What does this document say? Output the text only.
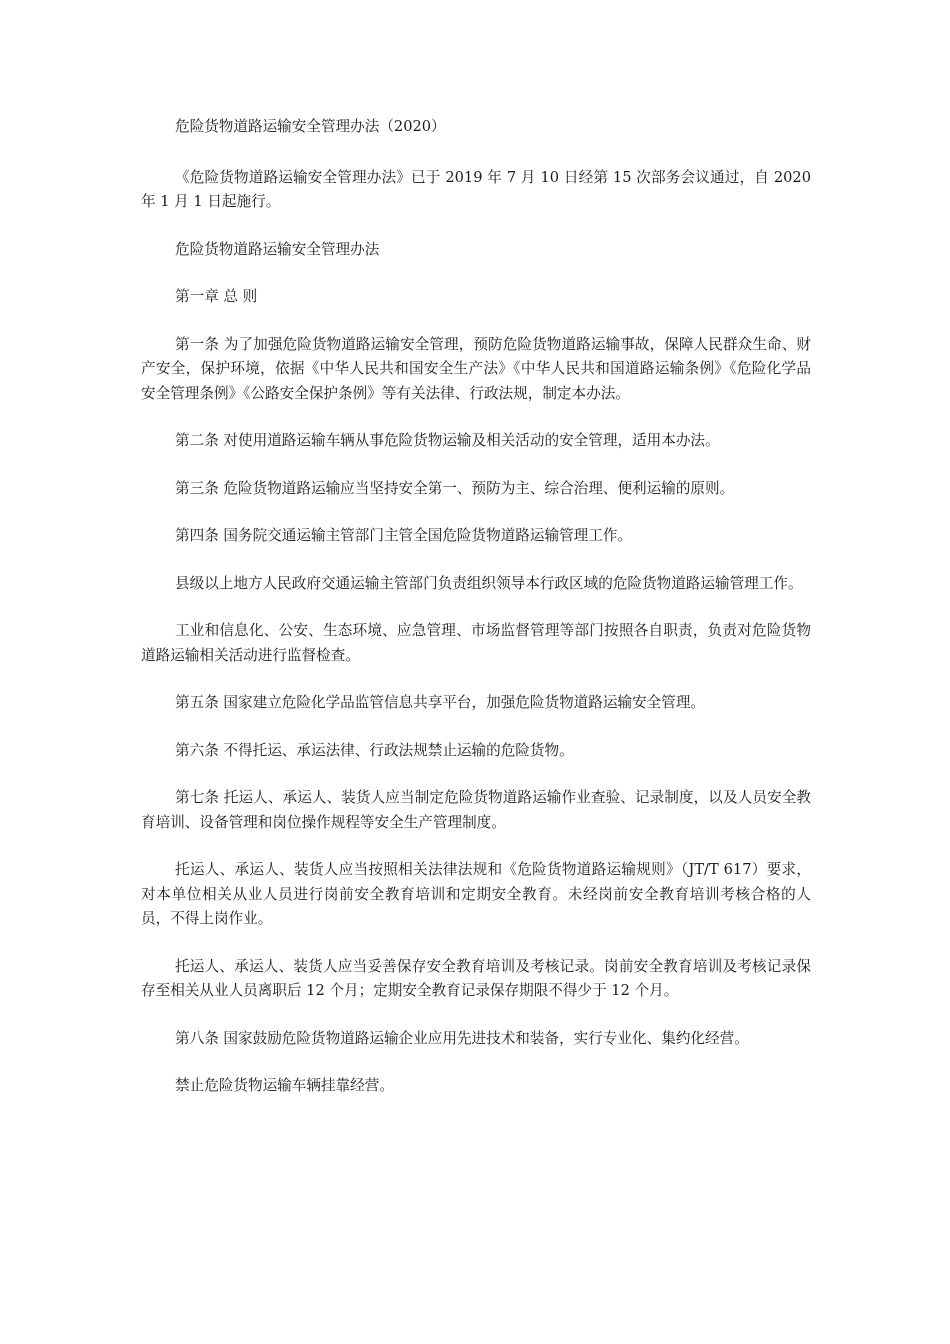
危险货物道路运输安全管理办法（2020）

《危险货物道路运输安全管理办法》已于 2019 年 7 月 10 日经第 15 次部务会议通过，自 2020 年 1 月 1 日起施行。

危险货物道路运输安全管理办法

第一章 总 则

第一条 为了加强危险货物道路运输安全管理，预防危险货物道路运输事故，保障人民群众生命、财产安全，保护环境，依据《中华人民共和国安全生产法》《中华人民共和国道路运输条例》《危险化学品安全管理条例》《公路安全保护条例》等有关法律、行政法规，制定本办法。

第二条 对使用道路运输车辆从事危险货物运输及相关活动的安全管理，适用本办法。

第三条 危险货物道路运输应当坚持安全第一、预防为主、综合治理、便利运输的原则。

第四条 国务院交通运输主管部门主管全国危险货物道路运输管理工作。

县级以上地方人民政府交通运输主管部门负责组织领导本行政区域的危险货物道路运输管理工作。

工业和信息化、公安、生态环境、应急管理、市场监督管理等部门按照各自职责，负责对危险货物道路运输相关活动进行监督检查。

第五条 国家建立危险化学品监管信息共享平台，加强危险货物道路运输安全管理。

第六条 不得托运、承运法律、行政法规禁止运输的危险货物。

第七条 托运人、承运人、装货人应当制定危险货物道路运输作业查验、记录制度，以及人员安全教育培训、设备管理和岗位操作规程等安全生产管理制度。

托运人、承运人、装货人应当按照相关法律法规和《危险货物道路运输规则》（JT/T 617）要求，对本单位相关从业人员进行岗前安全教育培训和定期安全教育。未经岗前安全教育培训考核合格的人员，不得上岗作业。

托运人、承运人、装货人应当妥善保存安全教育培训及考核记录。岗前安全教育培训及考核记录保存至相关从业人员离职后 12 个月；定期安全教育记录保存期限不得少于 12 个月。

第八条 国家鼓励危险货物道路运输企业应用先进技术和装备，实行专业化、集约化经营。

禁止危险货物运输车辆挂靠经营。
